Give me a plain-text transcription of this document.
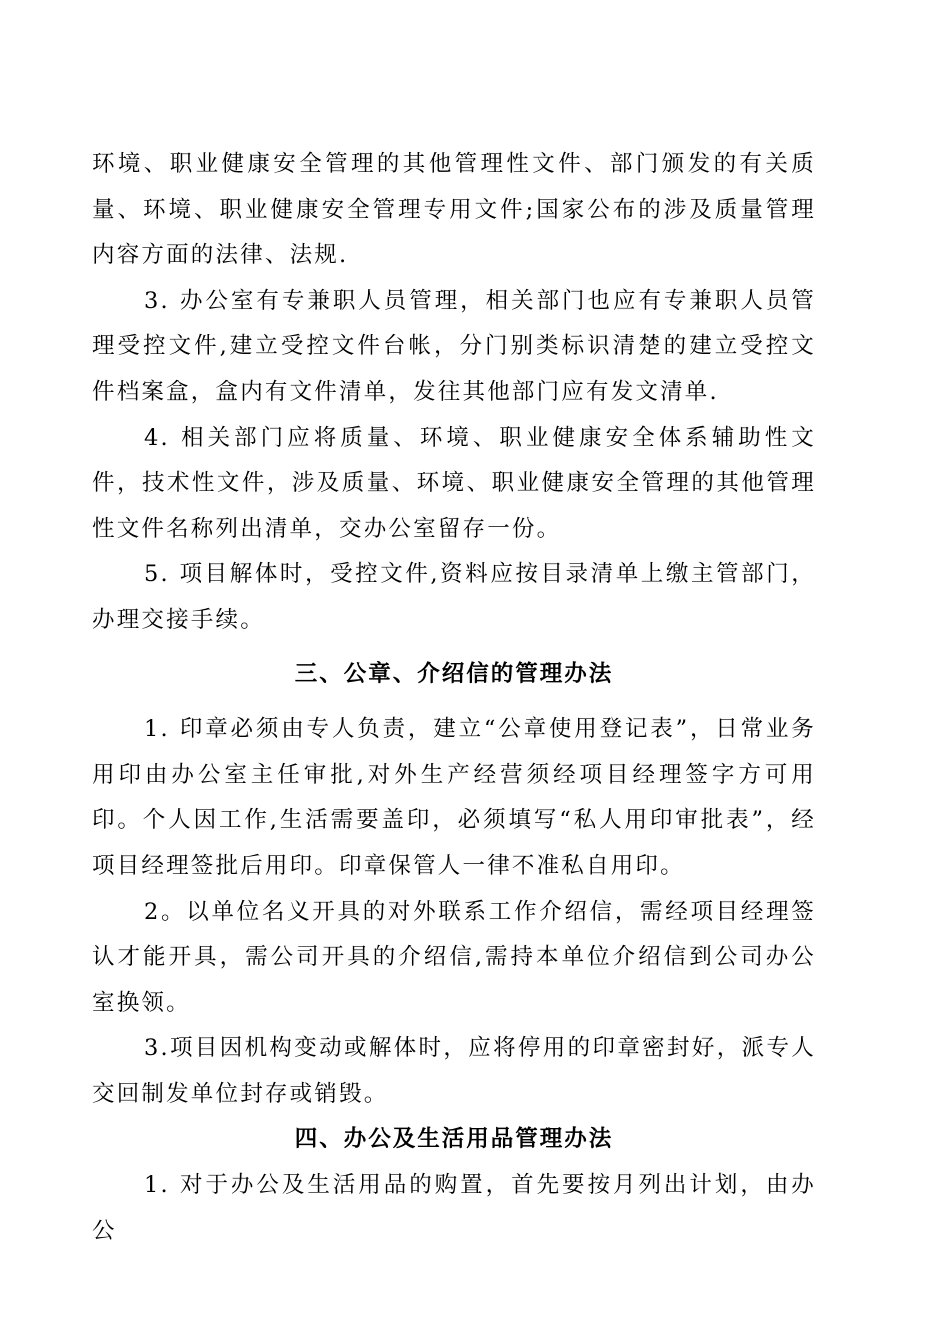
环境、职业健康安全管理的其他管理性文件、部门颁发的有关质量、环境、职业健康安全管理专用文件;国家公布的涉及质量管理内容方面的法律、法规.

3. 办公室有专兼职人员管理，相关部门也应有专兼职人员管理受控文件,建立受控文件台帐，分门别类标识清楚的建立受控文件档案盒，盒内有文件清单，发往其他部门应有发文清单.

4. 相关部门应将质量、环境、职业健康安全体系辅助性文件，技术性文件，涉及质量、环境、职业健康安全管理的其他管理性文件名称列出清单，交办公室留存一份。

5. 项目解体时，受控文件,资料应按目录清单上缴主管部门，办理交接手续。

三、公章、介绍信的管理办法

1. 印章必须由专人负责，建立“公章使用登记表”，日常业务用印由办公室主任审批,对外生产经营须经项目经理签字方可用印。个人因工作,生活需要盖印，必须填写“私人用印审批表”，经项目经理签批后用印。印章保管人一律不准私自用印。

2。以单位名义开具的对外联系工作介绍信，需经项目经理签认才能开具，需公司开具的介绍信,需持本单位介绍信到公司办公室换领。

3.项目因机构变动或解体时，应将停用的印章密封好，派专人交回制发单位封存或销毁。

四、办公及生活用品管理办法

1. 对于办公及生活用品的购置，首先要按月列出计划，由办公
